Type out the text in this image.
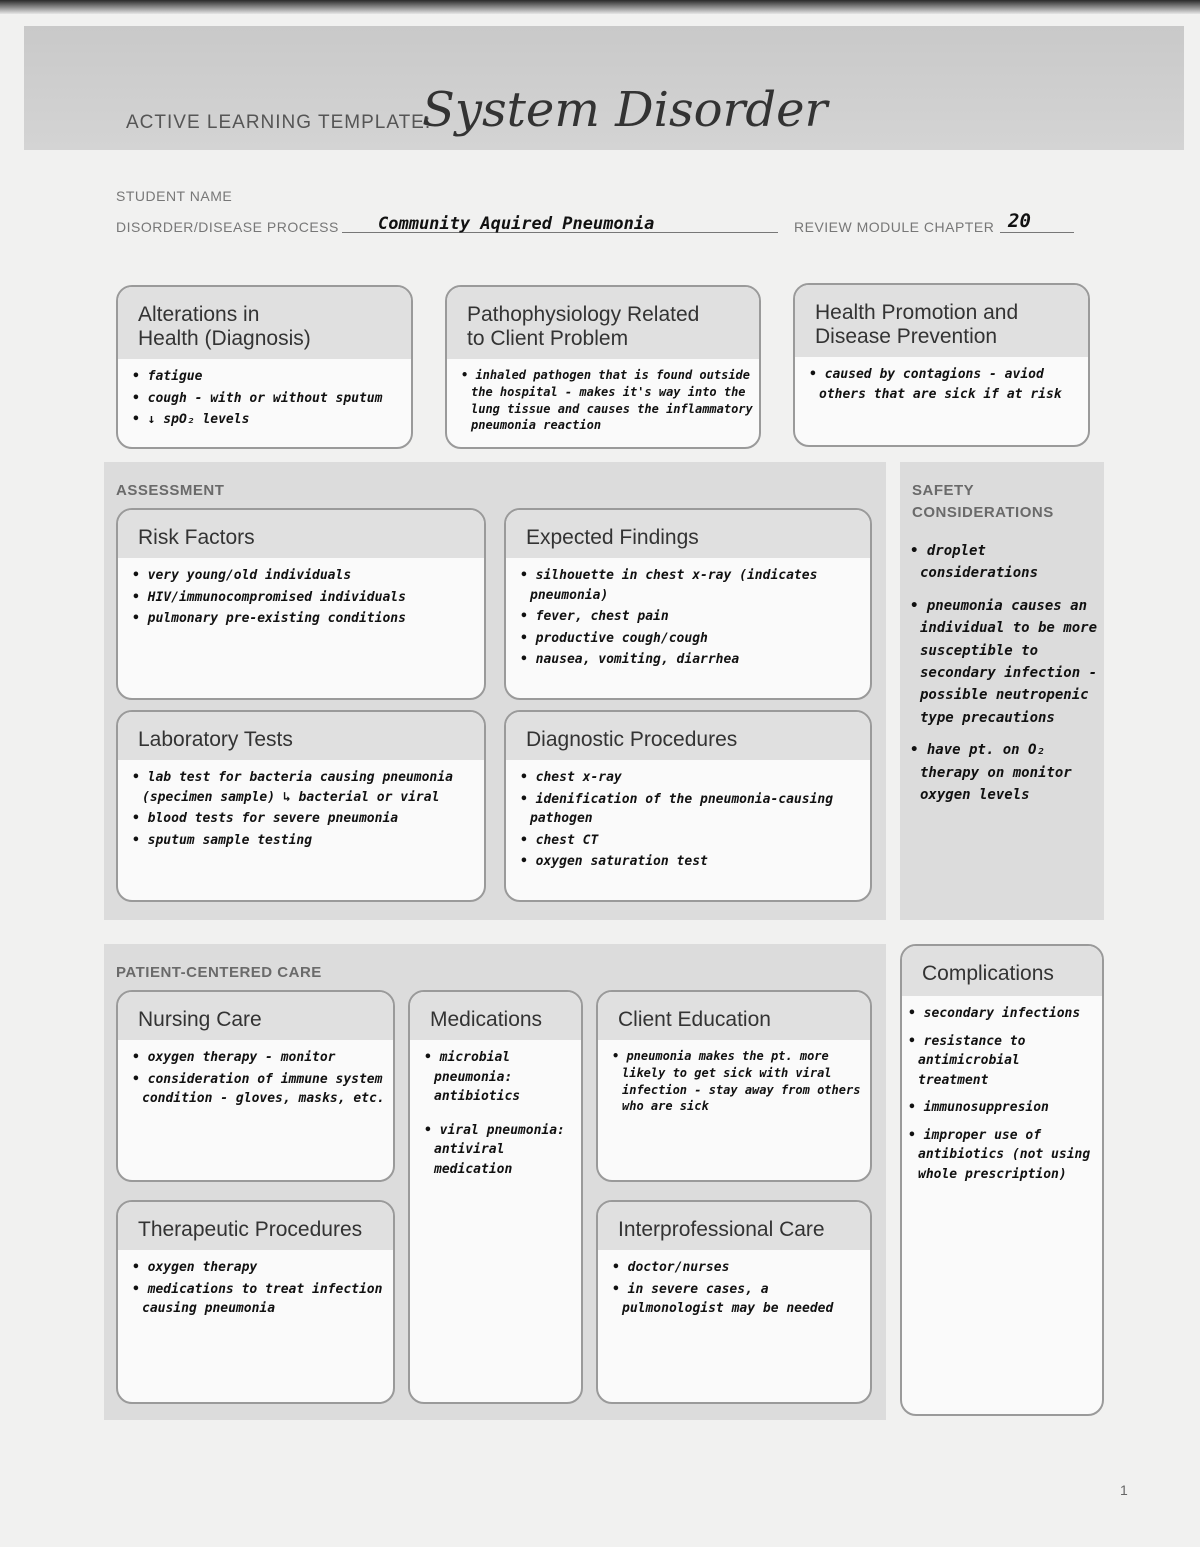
ACTIVE LEARNING TEMPLATE:
System Disorder
STUDENT NAME
DISORDER/DISEASE PROCESS Community Aquired Pneumonia	REVIEW MODULE CHAPTER 20
Alterations in
Health (Diagnosis)
• fatigue
• cough - with or without sputum
• ↓ spO₂ levels
Pathophysiology Related
to Client Problem
• inhaled pathogen that is found outside the hospital - makes it's way into the lung tissue and causes the inflammatory pneumonia reaction
Health Promotion and
Disease Prevention
• caused by contagions - aviod others that are sick if at risk
ASSESSMENT
Risk Factors
• very young/old individuals
• HIV/immunocompromised individuals
• pulmonary pre-existing conditions
Expected Findings
• silhouette in chest x-ray (indicates pneumonia)
• fever, chest pain
• productive cough/cough
• nausea, vomiting, diarrhea
Laboratory Tests
• lab test for bacteria causing pneumonia (specimen sample) ↳ bacterial or viral
• blood tests for severe pneumonia
• sputum sample testing
Diagnostic Procedures
• chest x-ray
• idenification of the pneumonia-causing pathogen
• chest CT
• oxygen saturation test
SAFETY
CONSIDERATIONS
• droplet considerations
• pneumonia causes an individual to be more susceptible to secondary infection - possible neutropenic type precautions
• have pt. on O₂ therapy on monitor oxygen levels
PATIENT-CENTERED CARE
Nursing Care
• oxygen therapy - monitor
• consideration of immune system condition - gloves, masks, etc.
Medications
• microbial pneumonia: antibiotics
• viral pneumonia: antiviral medication
Client Education
• pneumonia makes the pt. more likely to get sick with viral infection - stay away from others who are sick
Therapeutic Procedures
• oxygen therapy
• medications to treat infection causing pneumonia
Interprofessional Care
• doctor/nurses
• in severe cases, a pulmonologist may be needed
Complications
• secondary infections
• resistance to antimicrobial treatment
• immunosuppresion
• improper use of antibiotics (not using whole prescription)
1
